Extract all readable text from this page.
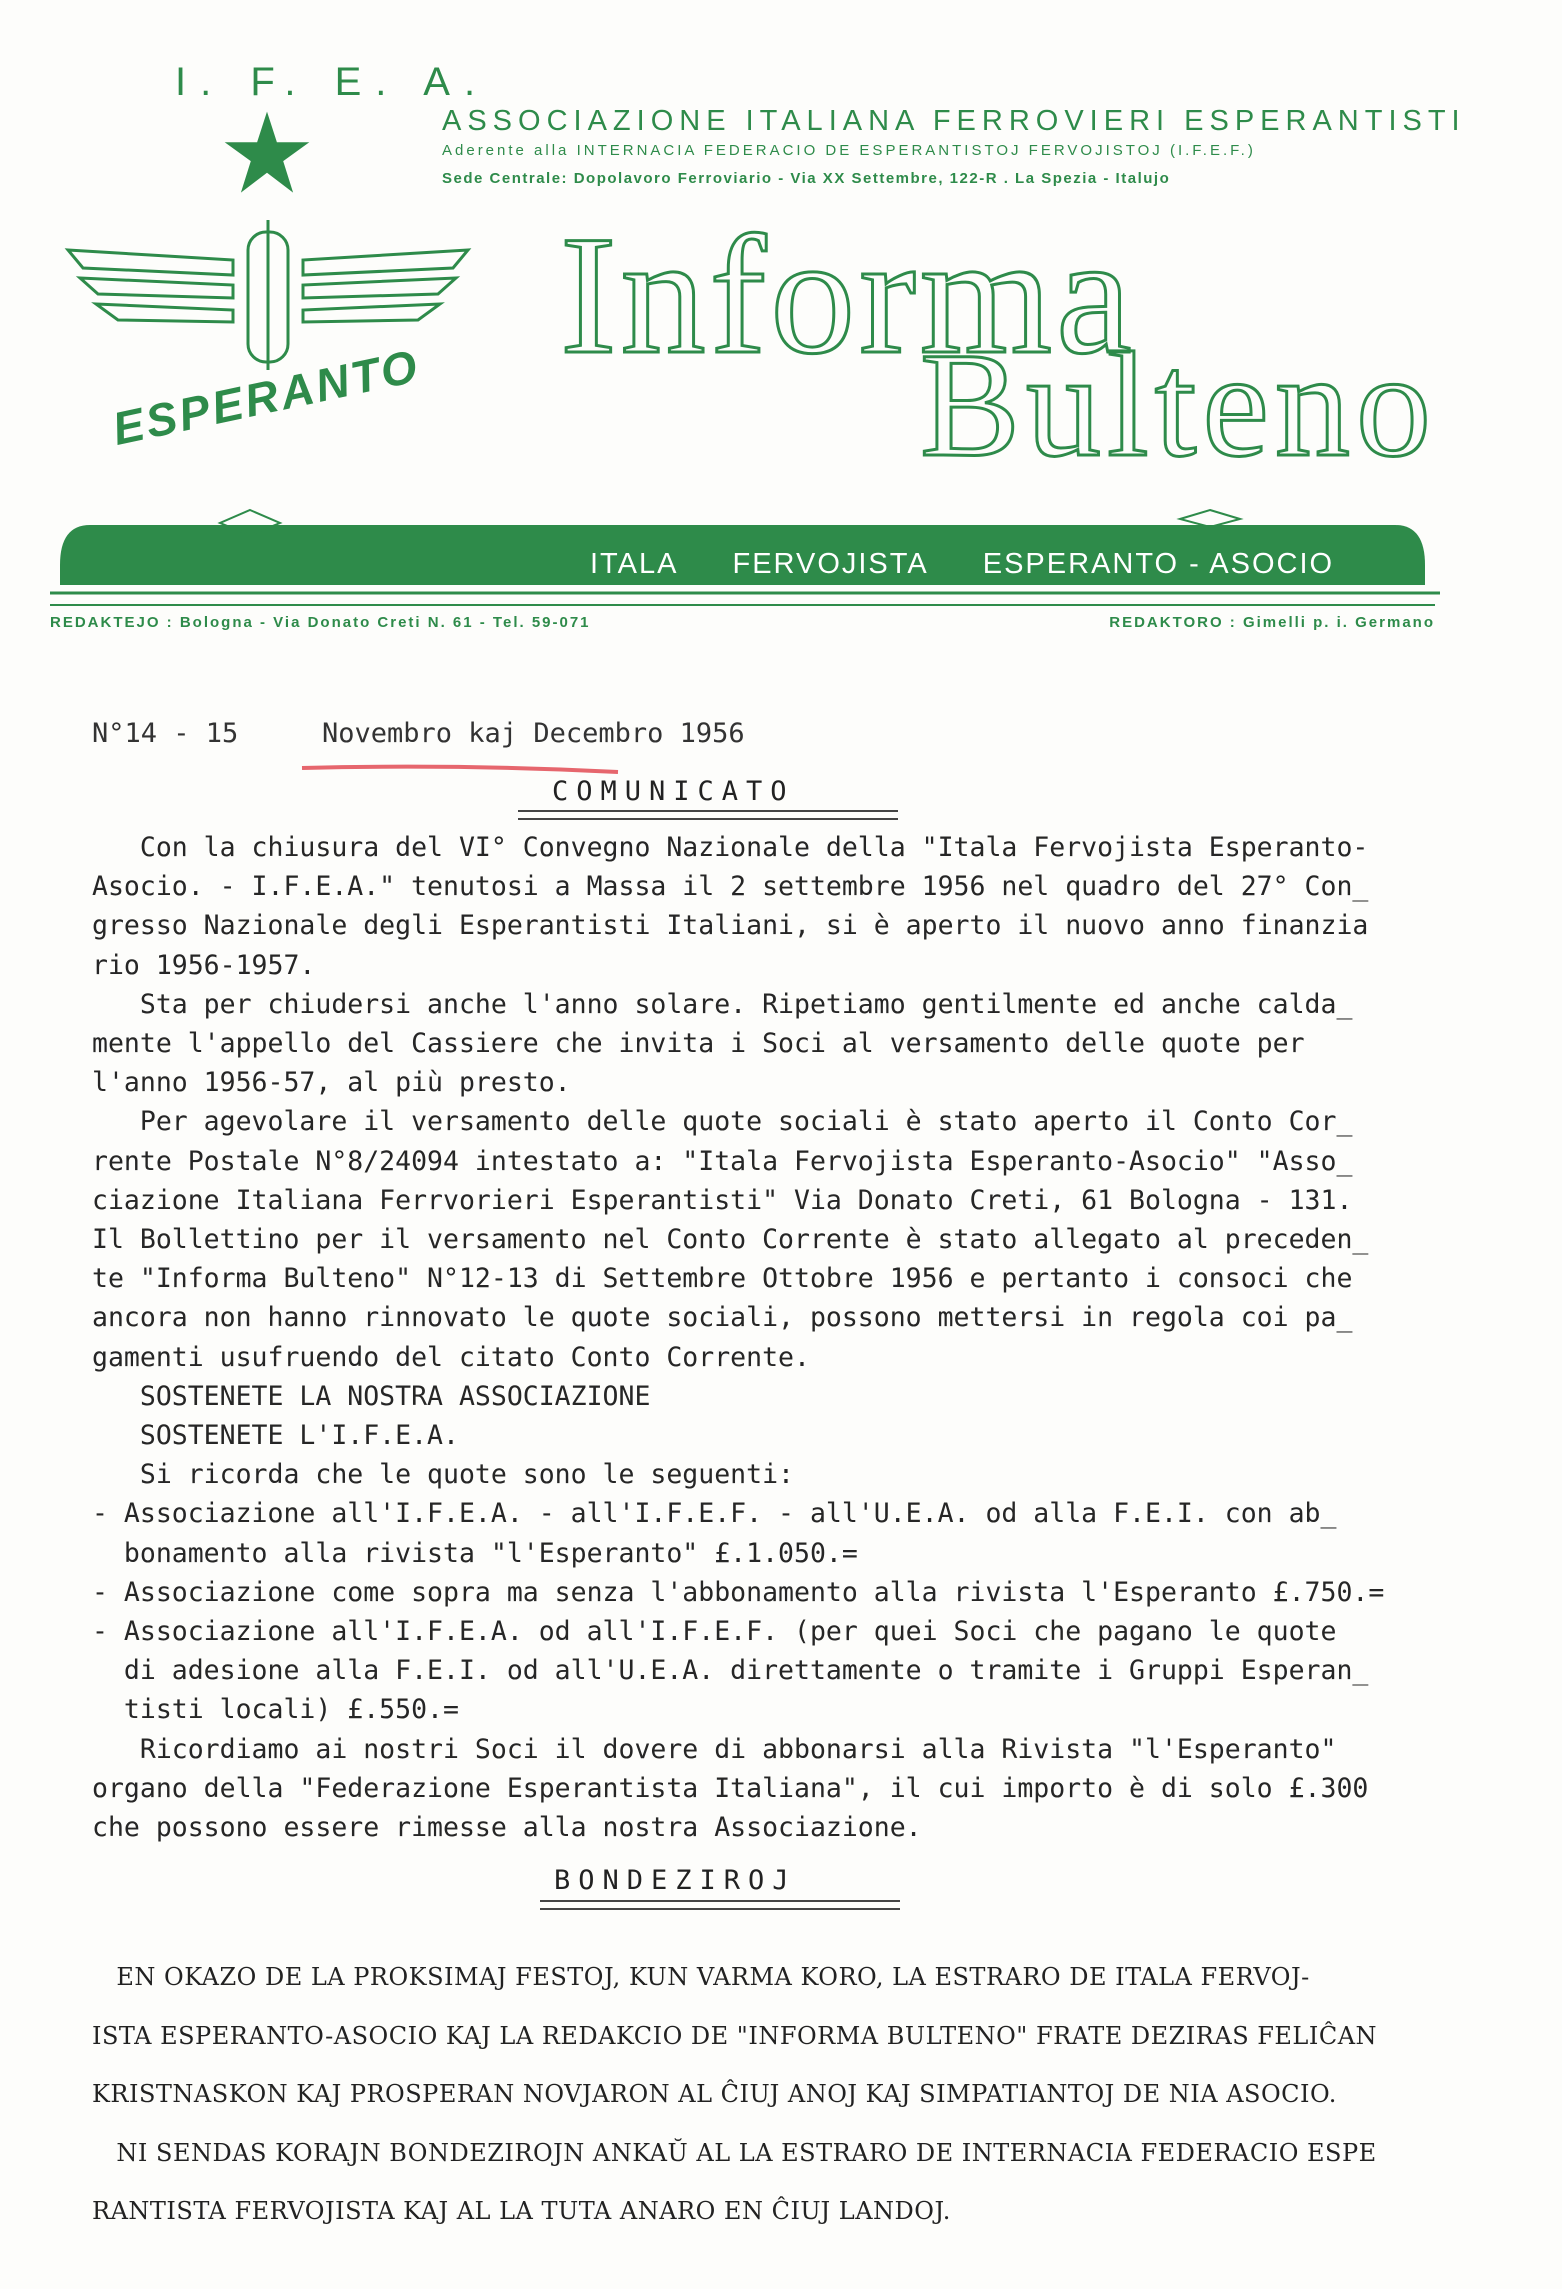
I. F. E. A.
ASSOCIAZIONE ITALIANA FERROVIERI ESPERANTISTI
Aderente alla INTERNACIA FEDERACIO DE ESPERANTISTOJ FERVOJISTOJ (I.F.E.F.)
Sede Centrale: Dopolavoro Ferroviario - Via XX Settembre, 122-R . La Spezia - Italujo
ESPERANTO
Informa
Bulteno
ITALA FERVOJISTA ESPERANTO - ASOCIO
REDAKTEJO : Bologna - Via Donato Creti N. 61 - Tel. 59-071	REDAKTORO : Gimelli p. i. Germano
N°14 - 15	Novembro kaj Decembro 1956
COMUNICATO

Con la chiusura del VI° Convegno Nazionale della "Itala Fervojista Esperanto-

Asocio. - I.F.E.A." tenutosi a Massa il 2 settembre 1956 nel quadro del 27° Con_

gresso Nazionale degli Esperantisti Italiani, si è aperto il nuovo anno finanzia

rio 1956-1957.

Sta per chiudersi anche l'anno solare. Ripetiamo gentilmente ed anche calda_

mente l'appello del Cassiere che invita i Soci al versamento delle quote per

l'anno 1956-57, al più presto.

Per agevolare il versamento delle quote sociali è stato aperto il Conto Cor_

rente Postale N°8/24094 intestato a: "Itala Fervojista Esperanto-Asocio" "Asso_

ciazione Italiana Ferrvorieri Esperantisti" Via Donato Creti, 61 Bologna - 131.

Il Bollettino per il versamento nel Conto Corrente è stato allegato al preceden_

te "Informa Bulteno" N°12-13 di Settembre Ottobre 1956 e pertanto i consoci che

ancora non hanno rinnovato le quote sociali, possono mettersi in regola coi pa_

gamenti usufruendo del citato Conto Corrente.

SOSTENETE LA NOSTRA ASSOCIAZIONE

SOSTENETE L'I.F.E.A.

Si ricorda che le quote sono le seguenti:

- Associazione all'I.F.E.A. - all'I.F.E.F. - all'U.E.A. od alla F.E.I. con ab_

bonamento alla rivista "l'Esperanto" £.1.050.=

- Associazione come sopra ma senza l'abbonamento alla rivista l'Esperanto £.750.=

- Associazione all'I.F.E.A. od all'I.F.E.F. (per quei Soci che pagano le quote

di adesione alla F.E.I. od all'U.E.A. direttamente o tramite i Gruppi Esperan_

tisti locali) £.550.=

Ricordiamo ai nostri Soci il dovere di abbonarsi alla Rivista "l'Esperanto"

organo della "Federazione Esperantista Italiana", il cui importo è di solo £.300

che possono essere rimesse alla nostra Associazione.

BONDEZIROJ

EN OKAZO DE LA PROKSIMAJ FESTOJ, KUN VARMA KORO, LA ESTRARO DE ITALA FERVOJ-

ISTA ESPERANTO-ASOCIO KAJ LA REDAKCIO DE "INFORMA BULTENO" FRATE DEZIRAS FELIĈAN

KRISTNASKON KAJ PROSPERAN NOVJARON AL ĈIUJ ANOJ KAJ SIMPATIANTOJ DE NIA ASOCIO.

NI SENDAS KORAJN BONDEZIROJN ANKAŬ AL LA ESTRARO DE INTERNACIA FEDERACIO ESPE

RANTISTA FERVOJISTA KAJ AL LA TUTA ANARO EN ĈIUJ LANDOJ.
